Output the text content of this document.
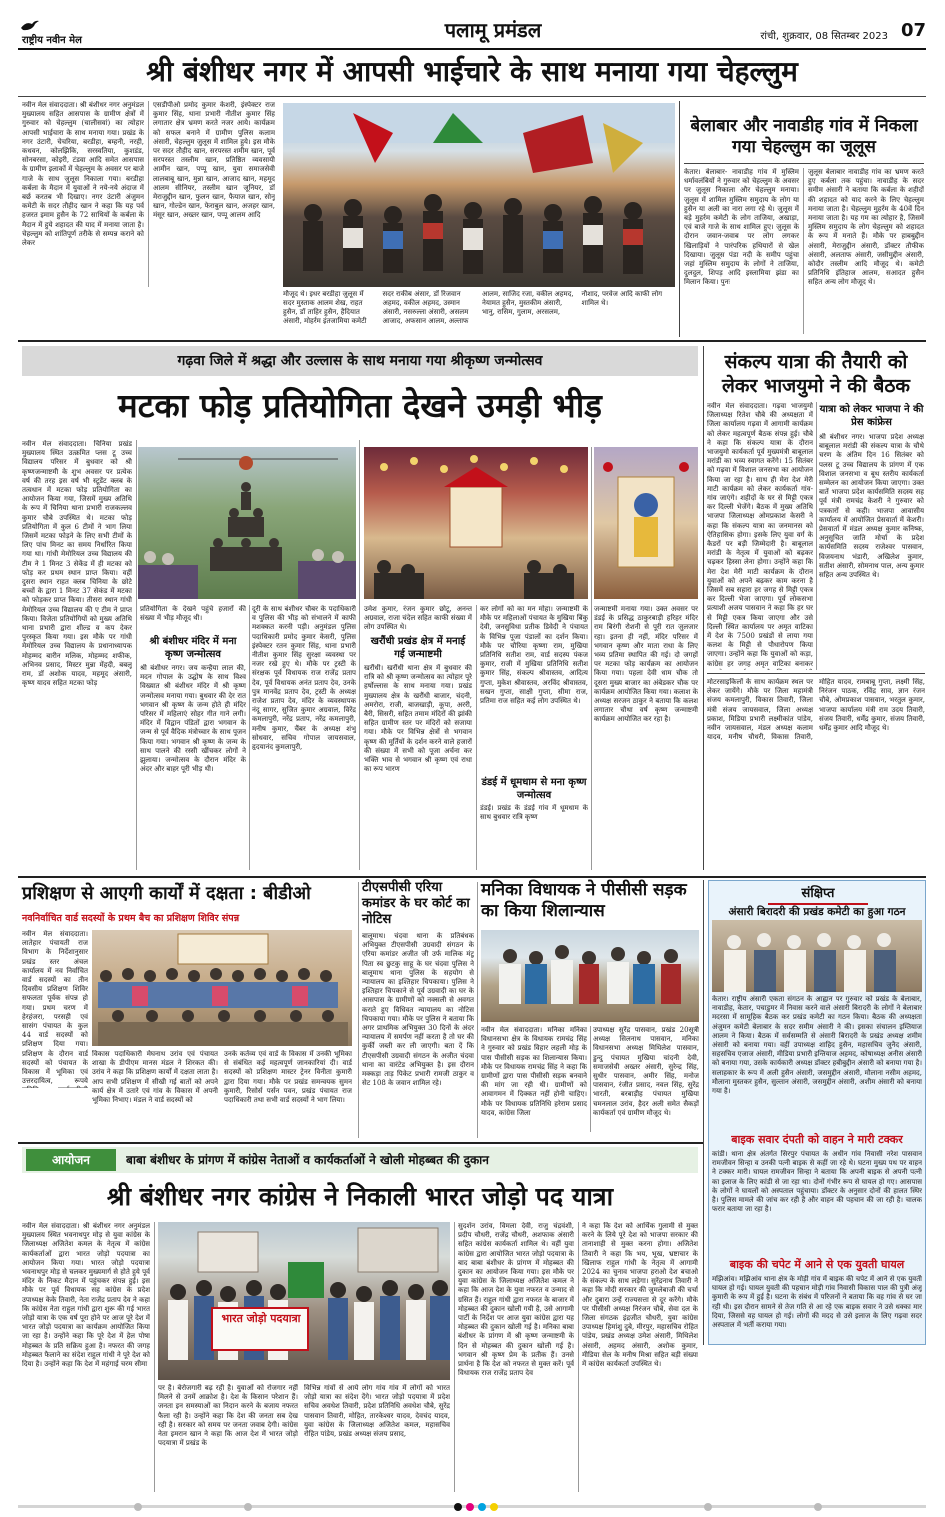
राष्ट्रीय नवीन मेल	पलामू प्रमंडल	रांची, शुक्रवार, 08 सितम्बर 2023 07
श्री बंशीधर नगर में आपसी भाईचारे के साथ मनाया गया चेहल्लुम
नवीन मेल संवाददाता। श्री बंशीधर नगर अनुमंडल मुख्यालय सहित आसपास के ग्रामीण क्षेत्रों में गुरुवार को चेहल्लुम (चालीसवां) का त्योहार आपसी भाईचारा के साथ मनाया गया। प्रखंड के नगर उंटारी, चेचरिया, बरडीहा, बम्हनी, नरही, कधवन, कोलझिकि, सरस्वतिया, कुशडंड, सोनबरसा, कोइरी, टंडवा आदि समेत आसपास के ग्रामीण इलाकों में चेहल्लुम के अवसर पर बाजे गाजे के साथ जुलूस निकाला गया। बरडीहा कर्बला के मैदान में युवाओं ने नये-नये अंदाज में बर्छ करतब भी दिखाए। नगर उंटारी अंजुमन कमेटी के सदर तौहीद खान ने कहा कि यह पर्व हजरत इमाम हुसैन के 72 साथियों के कर्बला के मैदान में हुये शहादत की याद में मनाया जाता है। चेहल्लुम को शांतिपूर्ण तरीके से सम्पन्न कराने को लेकर
एसडीपीओ प्रमोद कुमार केशरी, इंस्पेक्टर राज कुमार सिंह, थाना प्रभारी नीतीश कुमार सिंह लगातार क्षेत्र भ्रमण करते नजर आये। कार्यक्रम को सफल बनाने में ग्रामीण पुलिस कलाम अंसारी, चेहल्लुम जुलूस में शामिल हुये। इस मौके पर सदर तौहीद खान, सरपरस्त शमीम खान, पूर्व सरपरस्त तस्लीम खान, प्रतिष्ठित व्यवसायी आमीन खान, पप्पू खान, युवा समाजसेवी लालबाबू खान, मुन्ना खान, आजाद खान, महमूद आलम सीनियर, तस्लीम खान जूनियर, डॉ मेराजुद्दीन खान, फुलन खान, फैयाज खान, सोनू खान, गोल्डेन खान, फेराबुल खान, अजहर खान, मंसूर खान, अख्तर खान, पप्पू आलम आदि
मौजूद थे। इधर बरडीहा जुलूस में सदर मुस्ताक आलम शेख, राहत हुसैन, डॉ ताहिर हुसैन, हैदियात अंसारी, मोहर्रम इंतजामिया कमेटी सदर राकीब अंसार, डॉ रिजवान अहमद, वकील अहमद, उस्मान अंसारी, नसरुल्ला अंसारी, असलम आजाद, अफसान आलम, अल्ताफ आलम, साजिद रजा, वकील अहमद, नेयामत हुसैन, मुस्तकीम अंसारी, भानु, रासिम, गुलाम, अरसलम, नौशाद, परवेज आदि काफी लोग शामिल थे।
बेलाबार और नावाडीह गांव में निकला गया चेहल्लुम का जूलूस
केतार। बेलाबार- नावाडीह गांव में मुस्लिम धर्मावलंबियों ने गुरुवार को चेहल्लुम के अवसर पर जुलूस निकाला और चेहल्लुम मनाया। जुलूस में शामिल मुस्लिम समुदाय के लोग या हुसैन या अली का नारा लगा रहे थे। जुलूस में बड़े मुहर्रम कमेटी के लोग ताजिया, अखाड़ा, एवं बाजे गाजे के साथ शामिल हुए। जुलूस के दौरान जवान-जवाब पर लोग लगकर खिलाड़ियों ने पारंपरिक हथियारों से खेल दिखाया। जुलूस पंडा नदी के समीप पहुंचा जहां मुस्लिम समुदाय के लोगों ने ताजिया, दुलदुल, शिपड़ आदि इस्लामिया झंडा का मिलान किया। पुनः
जुलूस बेलाबार नावाडीह गांव का भ्रमण करते हुए कर्बला तक पहुंचा। नावाडीह के सदर समीम अंसारी ने बताया कि कर्बला के शहीदों की शहादत को याद करने के लिए चेहल्लुम मनाया जाता है। चेहल्लुम मुहर्रम के 40वें दिन मनाया जाता है। यह गम का त्योहार है, जिसमें मुस्लिम समुदाय के लोग चेहल्लुम को शहादत के रूप में मनाते हैं। मौके पर हाबबुद्दीन अंसारी, मेराजुद्दीन अंसारी, डॉक्टर तौफीक अंसारी, अलताफ अंसारी, जसीमुद्दीन अंसारी, कोदौर तस्लीम आदि मौजूद थे। कमेटी प्रतिनिधि इंतिहाज आलम, सआदत हुसैन सहित अन्य लोग मौजूद थे।
गढ़वा जिले में श्रद्धा और उल्लास के साथ मनाया गया श्रीकृष्ण जन्मोत्सव
मटका फोड़ प्रतियोगिता देखने उमड़ी भीड़
नवीन मेल संवाददाता। चिनिया प्रखंड मुख्यालय स्थित उत्क्रमित प्लस टू उच्च विद्यालय परिसर में बुधवार को श्री कृष्णजन्माष्टमी के शुभ अवसर पर प्रत्येक वर्ष की तरह इस वर्ष भी स्टूडेंट क्लब के तत्वधान में मटका फोड़ प्रतियोगिता का आयोजन किया गया, जिसमें मुख्य अतिथि के रूप में चिनिया थाना प्रभारी राजकल्लव कुमार चौबे उपस्थित थे। मटका फोड़ प्रतियोगिता में कुल 6 टीमों ने भाग लिया जिसमें मटका फोड़ने के लिए सभी टीमों के लिए पांच मिनट का समय निर्धारित किया गया था। गांधी मेमोरियल उच्च विद्यालय की टीम ने 1 मिनट 3 सेकेंड में ही मटका को फोड़ कर प्रथम स्थान प्राप्त किया। वहीं दुसरा स्थान राहत क्लब चिनिया के छोटे बच्चों के द्वारा 1 मिनट 37 सेकंड में मटका को फोड़कर प्राप्त किया। तीसरा स्थान गांधी मेमोरियल उच्च विद्यालय की ए टीम ने प्राप्त किया। विजेता प्रतियोगियों को मुख्य अतिथि थाना प्रभारी द्वारा शील्ड व कप देकर पुरस्कृत किया गया। इस मौके पर गांधी मेमोरियल उच्च विद्यालय के प्रधानाध्यापक मोहम्मद बारीन मलिक, मोहम्मद शफीक, अभिनव प्रसाद, मिस्टर मुन्ना मेंहदी, बबलू राम, डॉ अशोक यादव, महमूद अंसारी, कृष्ण यादव सहित मटका फोड़
प्रतियोगिता के देखने पहुंचे हजारों की संख्या में भीड़ मौजूद थी।
श्री बंशीधर मंदिर में मना कृष्ण जन्मोत्सव
श्री बंशीधर नगर। जय कन्हैया लाल की, मदन गोपाल के उद्घोष के साथ विश्व विख्यात श्री बंशीधर मंदिर में श्री कृष्ण जन्मोत्सव मनाया गया। बुधवार की देर रात भगवान श्री कृष्ण के जन्म होते ही मंदिर परिसर में महिलाएं सोहर गीत गाने लगी। मंदिर में विद्वान पंडितों द्वारा भगवान के जन्म से पूर्व वैदिक मंत्रोच्चार के साथ पूजन किया गया। भगवान श्री कृष्ण के जन्म के साथ पालने की रस्सी खींचकर लोगों ने झुलाया। जन्मोत्सव के दौरान मंदिर के अंदर और बाहर पूरी भीड़ थी।
दूरी के साथ बंशीधर चौबर के पदाधिकारी व पुलिस की भीड़ को संभालने में काफी मशक्कत करनी पड़ी। अनुमंडल पुलिस पदाधिकारी प्रमोद कुमार केसरी, पुलिस इंस्पेक्टर रतन कुमार सिंह, थाना प्रभारी नीतीश कुमार सिंह सुरक्षा व्यवस्था पर नजर रखे हुए थे। मौके पर ट्रस्टी के संरक्षक पूर्व विधायक राज राजेंद्र प्रताप देव, पूर्व विधायक अनंत प्रताप देव, उनके पुत्र मानवेंद्र प्रताप देव, ट्रस्टी के अध्यक्ष राजेश प्रताप देव, मंदिर के व्यवस्थापक नंदू सागर, सुजित कुमार अग्रवाल, विरेंद्र कमलापुरी, नरेंद्र प्रताप, नरेंद्र कमलापुरी, मनीष कुमार, चैंबर के अध्यक्ष शंभु सोधवार, सचिव गोपाल जायसवाल, हृदयानंद कुमलापुरी,
उमेश कुमार, रंजन कुमार छोटू, अनन्त अग्रवाल, राजा चंदेल सहित काफी संख्या में लोग उपस्थित थे।
खरौंधी प्रखंड क्षेत्र में मनाई गई जन्माष्टमी
खरौंधी। खरौंधी थाना क्षेत्र में बुधवार की रात्रि को श्री कृष्ण जन्मोत्सव का त्योहार पूरे हर्षोल्लास के साथ मनाया गया। प्रखंड मुख्यालय क्षेत्र के खरौंधी बाजार, चंदनी, अमरोरा, राजी, बाजखाड़ी, कूपा, अररी, बैरी, सिसरी, सहित तमाम मंदिरों की झांकी सहित ग्रामीण स्तर पर मंदिरों को सजाया गया। मौके पर विभिन्न क्षेत्रों से भगवान कृष्ण की मूर्तियों के दर्शन करने वाले हजारों की संख्या में सभी को पूजा अर्चना कर भक्ति भाव से भगवान श्री कृष्ण एवं राधा का रूप भारण
कर लोगों को का मन मोहा। जन्माष्टमी के मौके पर महिलाओं पंचायत के मुखिया बिंकु देवी, जनसुविधा प्रतीक डिवेदी ने पंचायत के विभिन्न पूजा पंडालों का दर्शन किया। मौके पर चौरिया कृष्णा राम, मुखिया प्रतिनिधि सतीश राम, वार्ड सदस्य पंकज कुमार, राजी में मुखिया प्रतिनिधि सतीश कुमार सिंह, संकल्प श्रीवास्तव, आदित्य गुप्ता, मुकेश श्रीवास्तव, अरविंद श्रीवास्तव, सखन गुप्ता, साक्षी गुप्ता, सीमा राज, प्रतिमा राज सहित कई लोग उपस्थित थे।
डंडई में धूमधाम से मना कृष्ण जन्मोत्सव
डंडई। प्रखंड के डंडई गांव में धूमधाम के साथ बुधवार रात्रि कृष्ण
जन्माष्टमी मनाया गया। उक्त अवसर पर डंडई के प्रसिद्ध ठाकुरबाड़ी हरिहर मंदिर राम बिरंगी रोशनी से पूरी रात जुलजार रहा। इतना ही नहीं, मंदिर परिसर में भगवान कृष्ण और माता राधा के लिए भव्य प्रतिमा स्थापित की गई। दो जगहों पर मटका फोड़ कार्यक्रम का आयोजन किया गया। पहला देवी धाम चौक तो दूसरा मुख्य बाजार का अंबेडकर चौक पर कार्यक्रम आयोजित किया गया। कलाश के अध्यक्ष सरजन ठाकुर ने बताया कि कलश लगातार चौथा वर्ष कृष्ण जन्माष्टमी कार्यक्रम आयोजित कर रहा है।
संकल्प यात्रा की तैयारी को लेकर भाजयुमो ने की बैठक
नवीन मेल संवाददाता। गढ़वा भाजयुमो जिलाध्यक्ष रितेश चौबे की अध्यक्षता में जिला कार्यालय गढ़वा में आगामी कार्यक्रम को लेकर महत्वपूर्ण बैठक संपन्न हुई। चौबे ने कहा कि संकल्प यात्रा के दौरान भाजयुमो कार्यकर्ता पूर्व मुख्यमंत्री बाबूलाल मरांडी का भव्य स्वागत करेंगे। 15 सितंबर को गढ़वा में विशाल जनसभा का आयोजन किया जा रहा है। साथ ही मेरा देश मेरी माटी कार्यक्रम को लेकर कार्यकर्ता गांव-गांव जाएंगे। शहीदों के घर से मिट्टी एकत्र कर दिल्ली भेजेंगे। बैठक में मुख्य अतिथि भाजपा जिलाध्यक्ष ओमप्रकाश केसरी ने कहा कि संकल्प यात्रा का जनमानस को ऐतिहासिक होगा। इसके लिए युवा वर्ग के कैडरों पर बड़ी जिम्मेदारी है। बाबूलाल मरांडी के नेतृत्व में युवाओं को बढ़कर चढ़कर हिस्सा लेना होगा। उन्होंने कहा कि मेरा देश मेरी माटी कार्यक्रम के दौरान युवाओं को अपने बढ़कर काम करना है जिसमें सब सहारा हर जगह से मिट्टी एकत्र कर दिल्ली भेजा जाएगा। पूर्व लोकसभा प्रत्याशी अजय पासवान ने कहा कि हर घर से मिट्टी एकत्र किया जाएगा और उसे दिल्ली स्थित कार्यालय पर अमृत वाटिका में देश के 7500 प्रखंडों से लाया गया कलश के मिट्टी से पौधारोपण किया जाएगा। उन्होंने कहा कि युवाओं को कड़ा, कांग्रेस हर जगह अमृत वाटिका बनाकर
यात्रा को लेकर भाजपा ने की प्रेस कांफ्रेस
श्री बंशीधर नगर। भाजपा प्रदेश अध्यक्ष बाबूलाल मरांडी की संकल्प यात्रा के चौथे चरण के अंतिम दिन 16 सितंबर को पलस टू उच्च विद्यालय के प्रांगण में एक विशाल जनसभा व बूथ स्तरीय कार्यकर्ता सम्मेलन का आयोजन किया जाएगा। उक्त बातें भाजपा प्रदेश कार्यसमिति सदस्य सह पूर्व मंत्री रामचंद्र केशरी ने गुरुवार को पत्रकारों से कही। भाजपा आवासीय कार्यालय में आयोजित प्रेसवार्ता में केशरी। प्रेसवार्ता में मंडल अध्यक्ष कुमार कनिष्क, अनुसूचित जाति मोर्चा के प्रदेश कार्यसमिति सदस्य राजेश्वर पासवान, विजयनाथ भंडारी, अखिलेश कुमार, सतीश अंसारी, सोमनाथ पाल, अन्य कुमार सहित अन्य उपस्थित थे।
मोटरसाइकिलों के साथ कार्यक्रम स्थल पर लेकर जायेंगे। मौके पर जिला महामंत्री संजय कमलापुरी, विकास तिवारी, जिला मंत्री संजय जायसवाल, जिला अध्यक्ष प्रकाश, मिडिया प्रभारी लक्ष्मीकांत पांडेय, नवीन जायसवाल, मंडल अध्यक्ष कलाम यादव, मनीष चौधरी, विकास तिवारी, मोहित यादव, रामबाबू गुप्ता, लक्ष्मी सिंह, निरंजन पाठक, रविंद्र साव, ज्ञान रंजन चौबे, ओमप्रकाश पासवान, भरतुल कुमार, भाजपा कार्यालय मंत्री राम उदय तिवारी, संजय तिवारी, धर्मेंद्र कुमार, संजय तिवारी, धर्मेंद्र कुमार आदि मौजूद थे।
प्रशिक्षण से आएगी कार्यों में दक्षता : बीडीओ
नवनिर्वाचित वार्ड सदस्यों के प्रथम बैच का प्रशिक्षण शिविर संपन्न
नवीन मेल संवाददाता। लातेहार पंचायती राज विभाग के निर्देशानुसार प्रखंड स्तर अंचल कार्यालय में नव निर्वाचित वार्ड सदस्यों का तीन दिवसीय प्रशिक्षण शिविर सफलता पूर्वक संपन्न हो गया। प्रथम चरण में हेरहंजरा, परसही एवं सासंग पंचायत के कुल 44 वार्ड सदस्यों को प्रशिक्षण दिया गया। प्रशिक्षण के दौरान वार्ड सदस्यों को पंचायत के विकास में भूमिका एवं उत्तरदायित्व, रूपये
विकास पदाधिकारी मेघनाथ उरांव एवं पंचायत शाखा के डीपीएम मानस मंडल ने शिरकत की। उरांव ने कहा कि प्रशिक्षण कार्यों में दक्षता लाता है। आप सभी प्रशिक्षण में सीखी गई बातों को अपने कार्य क्षेत्र में उतारे एवं गांव के विकास में अपनी भूमिका निभाए। मंडल ने वार्ड सदस्यों को
उनके कर्तव्य एवं वार्ड के विकास में उनकी भूमिका से संबंधित कई महत्वपूर्ण जानकारियां दी। वार्ड सदस्यों को प्रशिक्षण मास्टर ट्रेनर विनीता कुमारी द्वारा दिया गया। मौके पर प्रखंड समन्वयक सुमन कुमारी, रिसोर्स पर्सन पवन, प्रखंड पंचायत राज पदाधिकारी तथा सभी वार्ड सदस्यों ने भाग लिया।
टीएसपीसी एरिया कमांडर के घर कोर्ट का नोटिस
बालूमाथ। चंदवा थाना के प्रतिबंधक अभियुक्त टीएसपीसी उग्रवादी संगठन के एरिया कमांडर अजीत जी उर्फ मालिक मंटू पिता स्व छुटकु साहू के घर चंदवा पुलिस ने बालूमाथ थाना पुलिस के सहयोग से न्यायालय का इश्तिहार चिपकाया। पुलिस ने इश्तिहार चिपकाने से पूर्व उग्रवादी का घर के आसपास के ग्रामीणों को नक्सली से अवगत कराते हुए विधिवत न्यायालय का नोटिस चिपकाया गया। मौके पर पुलिस ने बताया कि अगर प्राथमिक अभियुक्त 30 दिनों के अंदर न्यायालय में समर्पण नहीं करता है तो घर की कुर्की जब्ती कर ली जाएगी। बता दें कि टीएसपीसी उग्रवादी संगठन के अजीत चंदवा थाना का वारंटेड अभियुक्त है। इस दौरान मक्कड़ा ताड़ पिकेट प्रभारी रामजी ठाकुर व सेट 108 के जवान शामिल रहे।
मनिका विधायक ने पीसीसी सड़क का किया शिलान्यास
नवीन मेल संवाददाता। मनिका मनिका विधानसभा क्षेत्र के विधायक रामचंद्र सिंह ने गुरुवार को प्रखंड विहार लहली मोड़ के पास पीसीसी सड़क का शिलान्यास किया। मौके पर विधायक रामचंद्र सिंह ने कहा कि ग्रामीणों द्वारा पास पीसीसी सड़क बनवाने की मांग जा रही थी। ग्रामीणों को आवागमन में दिक्कत नहीं होनी चाहिए। मौके पर विधायक प्रतिनिधि हरेराम प्रसाद यादव, कांग्रेस जिला
उपाध्यक्ष सुरेंद्र पासवान, प्रखंड 20सूत्री अध्यक्ष सिलनाथ पासवान, मनिका विधानसभा अध्यक्ष मिथिलेश पासवान, डुन्दु पंचायत मुखिया चांदनी देवी, समाजसेवी अख्तर अंसारी, सुरेन्द्र सिंह, सुधीर पासवान, अमीर सिंह, मनोज पासवान, रंजीत प्रसाद, नवल सिंह, सुरेंद्र भारती, बरबाड़ीह पंचायत मुखिया चमनलाल उरांव, हैदर अली समेत सैकड़ों कार्यकर्ता एवं ग्रामीण मौजूद थे।
संक्षिप्त
अंसारी बिरादरी की प्रखंड कमेटी का हुआ गठन
केतार। राष्ट्रीय अंसारी एकता संगठन के आह्वान पर गुरुवार को प्रखंड के बेलाबार, नावाडीह, केतार, पचाडुमर में निवास करने वाले अंसारी बिरादरी के लोगों ने बेलाबार मदरसा में सामूहिक बैठक कर प्रखंड कमेटी का गठन किया। बैठक की अध्यक्षता अंजुमन कमेटी बेलाबार के सदर समीम अंसारी ने की। इसका संचालन इम्तियाज आलम ने किया। बैठक में सर्वसम्मति से अंसारी बिरादरी के प्रखंड अध्यक्ष शमीम अंसारी को बनाया गया। वहीं उपाध्यक्ष शाहिद हुसैन, महासचिव जुनैद अंसारी, सहसचिव एजाज अंसारी, मीडिया प्रभारी इन्तियाज अहमद, कोषाध्यक्ष अनीस अंसारी को बनाया गया, उसके कार्यकारी अध्यक्ष डॉक्टर हबीबुद्दीन अंसारी को बनाया गया है। सलाहकार के रूप में अली हुसैन अंसारी, जसमुद्दीन अंसारी, मौलाना नसीम अहमद, मौलाना मुस्तकर हुसैन, सुल्तान अंसारी, जसमुद्दीन अंसारी, अशीम अंसारी को बनाया गया है।
बाइक सवार दंपती को वाहन ने मारी टक्कर
कांडी। थाना क्षेत्र अंतर्गत सिरपुर पंचायत के अधीन गांव निवासी नरेश पासवान रामजीवन सिन्हा व उनकी पत्नी बाइक से कहीं जा रहे थे। घटना मुख्य पथ पर वाहन ने टक्कर मारी। घायल रामजीवन सिन्हा ने बताया कि अपनी बाइक से अपनी पत्नी का इलाज के लिए कांडी से जा रहा था। दोनों गंभीर रूप से घायल हो गए। आसपास के लोगों ने घायलों को अस्पताल पहुंचाया। डॉक्टर के अनुसार दोनों की हालत स्थिर है। पुलिस मामले की जांच कर रही है और वाहन की पहचान की जा रही है। चालक फरार बताया जा रहा है।
बाइक की चपेट में आने से एक युवती घायल
मझिआंव। मझिआंव थाना क्षेत्र के मोड़ी गांव में बाइक की चपेट में आने से एक युवती घायल हो गई। घायल युवती की पहचान मोड़ी गांव निवासी विकास पाल की पुत्री अंजू कुमारी के रूप में हुई है। घटना के संबंध में परिजनों ने बताया कि वह गांव से घर जा रही थी। इस दौरान सामने से तेज गति से आ रहे एक बाइक सवार ने उसे धक्का मार दिया, जिससे वह घायल हो गई। लोगों की मदद से उसे इलाज के लिए गढ़वा सदर अस्पताल में भर्ती कराया गया।
आयोजन	बाबा बंशीधर के प्रांगण में कांग्रेस नेताओं व कार्यकर्ताओं ने खोली मोहब्बत की दुकान
श्री बंशीधर नगर कांग्रेस ने निकाली भारत जोड़ो पद यात्रा
नवीन मेल संवाददाता। श्री बंशीधर नगर अनुमंडल मुख्यालय स्थित भवनाथपुर मोड़ से युवा कांग्रेस के जिलाध्यक्ष अजितेश कमल के नेतृत्व में कांग्रेस कार्यकर्ताओं द्वारा भारत जोड़ो पदयात्रा का आयोजन किया गया। भारत जोड़ो पदयात्रा भवनाथपुर मोड़ से चलकर मुख्यमार्ग से होते हुये पूर्व मंदिर के निकट मैदान में पहुंचकर संपन्न हुई। इस मौके पर पूर्व विधायक सह कांग्रेस के प्रदेश उपाध्यक्ष केके तिवारी, नेता राजेंद्र प्रताप देव ने कहा कि कांग्रेस नेता राहुल गांधी द्वारा शुरू की गई भारत जोड़ो यात्रा के एक वर्ष पूरा होने पर आज पूरे देश में भारत जोड़ो पदयात्रा का कार्यक्रम आयोजित किया जा रहा है। उन्होंने कहा कि पूरे देश में हेल पोषा मोहब्बत के प्रति सक्रिय हुआ है। नफरत की जगह मोहब्बत फैलाने का संदेश राहुल गांधी ने पूरे देश को दिया है। उन्होंने कहा कि देश में महंगाई चरम सीमा
भारत जोड़ो पदयात्रा
पर है। बेरोजगारी बढ़ रही है। युवाओं को रोजगार नहीं मिलने से उनमें आक्रोश है। देश के किसान परेशान हैं। जनता इन समस्याओं का निदान करने के बजाय नफरत फैला रही है। उन्होंने कहा कि देश की जनता सब देख रही है। सरकार को समय पर जनता जवाब देगी। कांग्रेस नेता इमरान खान ने कहा कि आज देश में भारत जोड़ो पदयात्रा में प्रखंड के
विभिन्न गांवों से आये लोग गांव गांव में लोगों को भारत जोड़ो यात्रा का संदेश देंगे। भारत जोड़ो पदयात्रा में प्रदेश सचिव अवधेश तिवारी, प्रदेश प्रतिनिधि अवधेश चौबे, सुरेंद्र पासवान तिवारी, मोहित, तारकेश्वर यादव, देवचंद यादव, युवा कांग्रेस के जिलाध्यक्ष अजितेश कमल, महासचिव रोहित पांडेय, प्रखंड अध्यक्ष संजय प्रसाद,
सुदर्शन उरांव, विमला देवी, राजु चंद्रवंशी, प्रदीप चौधरी, राजेंद्र चौधरी, अशफाक अंसारी सहित कांग्रेस कार्यकर्ता शामिल थे। वहीं युवा कांग्रेस द्वारा आयोजित भारत जोड़ो पदयात्रा के बाद बाबा बंशीधर के प्रांगण में मोहब्बत की दुकान का आयोजन किया गया। इस मौके पर युवा कांग्रेस के जिलाध्यक्ष अजितेश कमल ने कहा कि आज देश के युवा नफरत व उन्माद से ग्रसित हैं। राहुल गांधी द्वारा नफरत के बाजार में मोहब्बत की दुकान खोली गयी है, उसे आगामी पार्टी के निर्देश पर आज युवा कांग्रेस द्वारा यह मोहब्बत की दुकान खोली गई है। मनिका बाबा बंशीधर के प्रांगण में श्री कृष्ण जन्माष्टमी के दिन से मोहब्बत की दुकान खोली गई है। भगवान श्री कृष्ण प्रेम के प्रतीक हैं। उनसे प्रार्थना है कि देश को नफरत से मुक्त करें। पूर्व विधायक राज राजेंद्र प्रताप देव
ने कहा कि देश को आर्थिक गुलामी से मुक्त करने के लिये पूरे देश को भाजपा सरकार की तानाशाही से मुक्त करना होगा। अजितेश तिवारी ने कहा कि भय, भूख, भ्रष्टाचार के खिलाफ राहुल गांधी के नेतृत्व में आगामी 2024 का चुनाव भाजपा हराओ देश बचाओ के संकल्प के साथ लड़ेगा। सुरेंद्रनाथ तिवारी ने कहा कि मोदी सरकार की जुमलेबाजी की चर्चा और दुबारा उन्हें राज्यसत्ता से दूर करेंगे। मौके पर पीसीसी अध्यक्ष निरंजन चौबे, सेवा दल के जिला संगठक इंद्रजीत चौधरी, युवा कांग्रेस उपाध्यक्ष हिमांशु दुबे, मीरपुर, महासचिव रोहित पांडेय, प्रखंड अध्यक्ष उमेश अंसारी, मिथिलेश अंसारी, अहमद अंसारी, अशोक कुमार, मीडिया सेल के मनीष मिश्रा सहित बड़ी संख्या में कांग्रेस कार्यकर्ता उपस्थित थे।
